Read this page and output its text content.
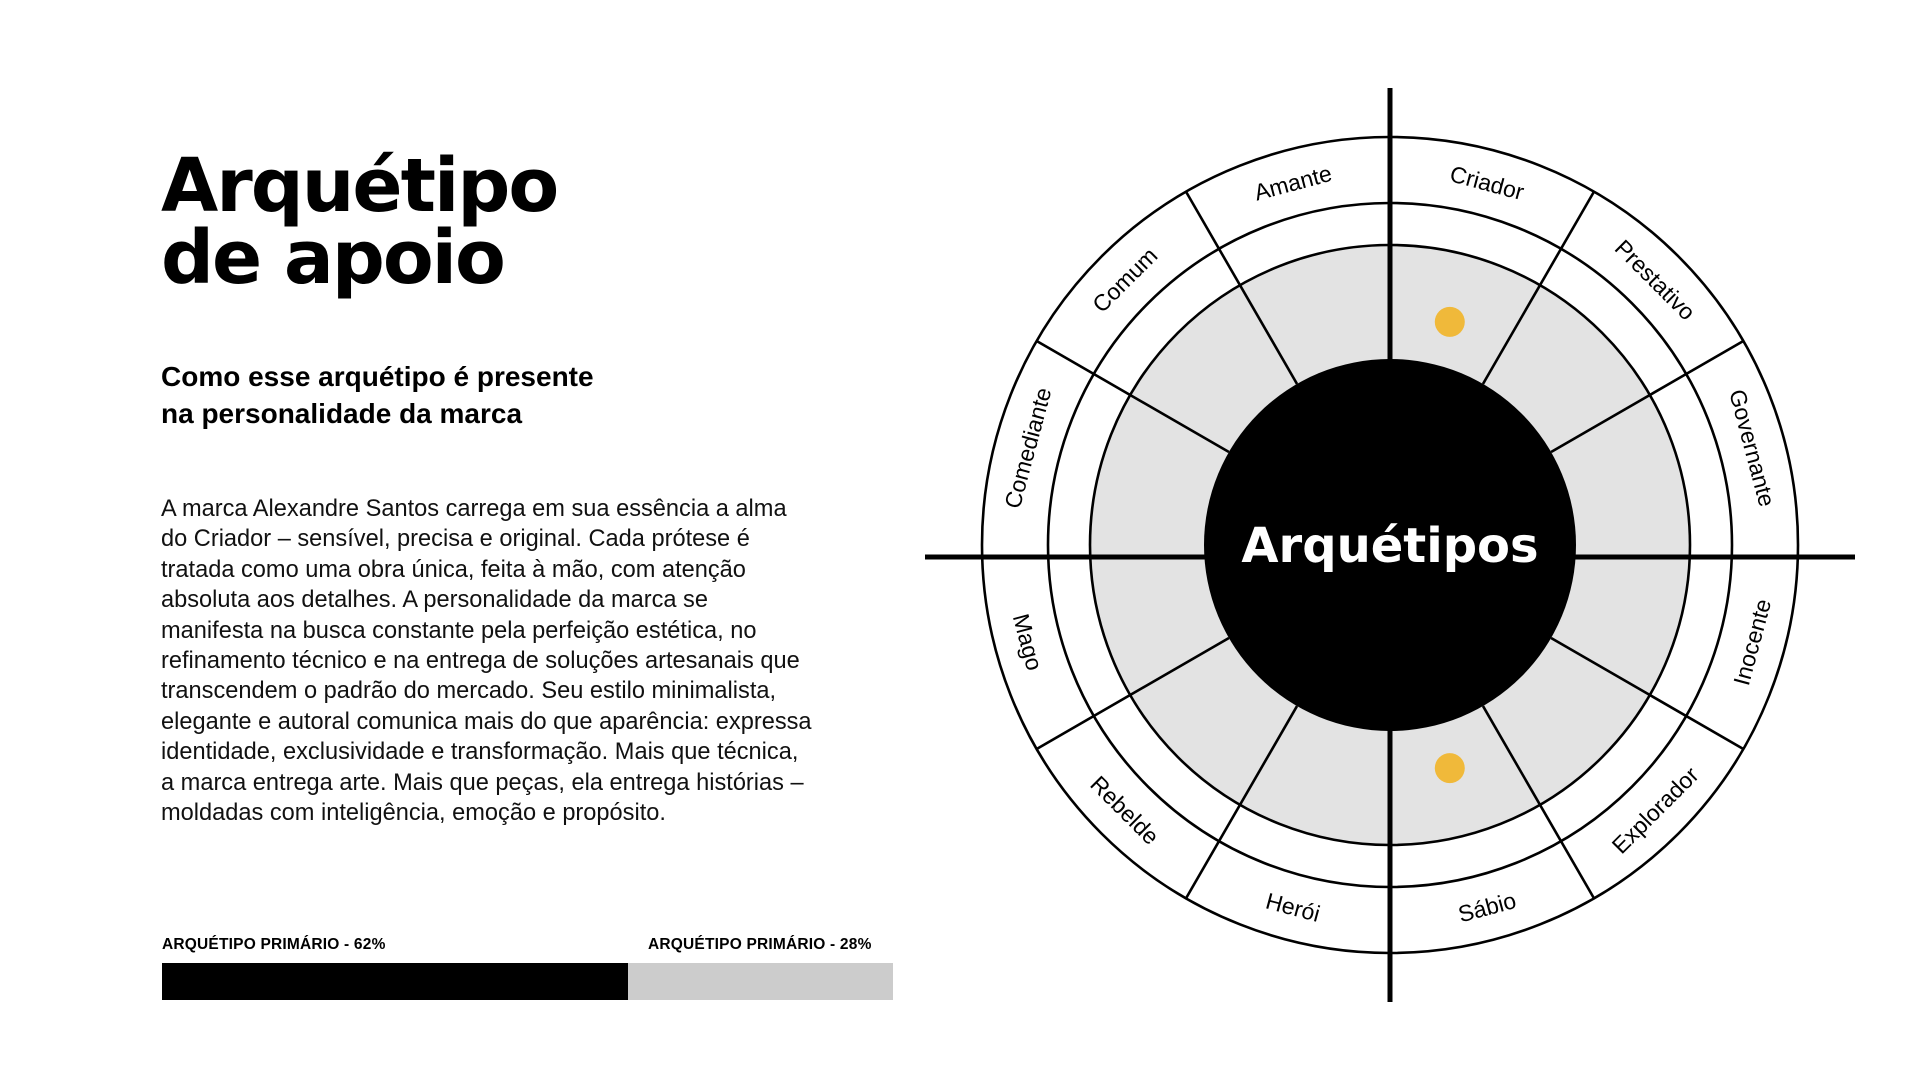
Arquétipo
de apoio
Como esse arquétipo é presente
na personalidade da marca
A marca Alexandre Santos carrega em sua essência a alma
do Criador – sensível, precisa e original. Cada prótese é
tratada como uma obra única, feita à mão, com atenção
absoluta aos detalhes. A personalidade da marca se
manifesta na busca constante pela perfeição estética, no
refinamento técnico e na entrega de soluções artesanais que
transcendem o padrão do mercado. Seu estilo minimalista,
elegante e autoral comunica mais do que aparência: expressa
identidade, exclusividade e transformação. Mais que técnica,
a marca entrega arte. Mais que peças, ela entrega histórias –
moldadas com inteligência, emoção e propósito.
ARQUÉTIPO PRIMÁRIO - 62%	ARQUÉTIPO PRIMÁRIO - 28%
Criador
Prestativo
Governante
Inocente
Explorador
Sábio
Herói
Rebelde
Mago
Comediante
Comum
Amante
Arquétipos
